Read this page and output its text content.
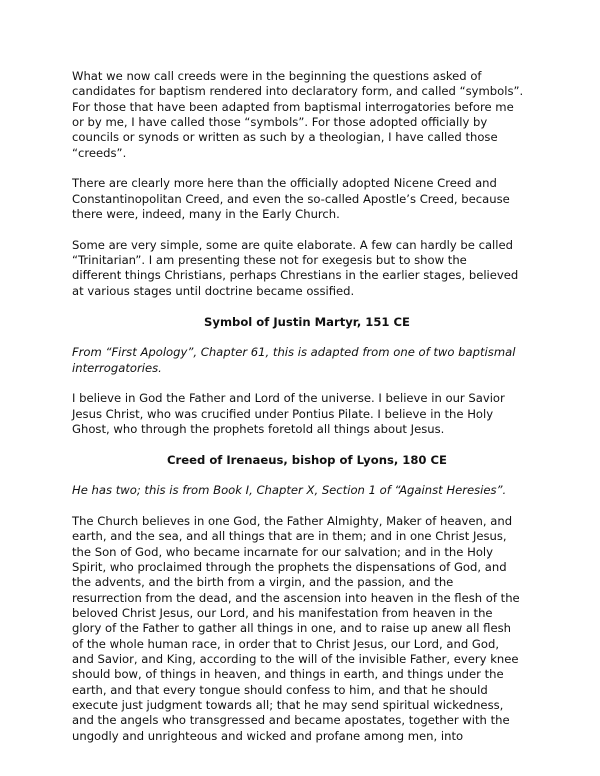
What we now call creeds were in the beginning the questions asked of
candidates for baptism rendered into declaratory form, and called “symbols”.
For those that have been adapted from baptismal interrogatories before me
or by me, I have called those “symbols”. For those adopted officially by
councils or synods or written as such by a theologian, I have called those
“creeds”.
There are clearly more here than the officially adopted Nicene Creed and
Constantinopolitan Creed, and even the so-called Apostle’s Creed, because
there were, indeed, many in the Early Church.
Some are very simple, some are quite elaborate. A few can hardly be called
“Trinitarian”. I am presenting these not for exegesis but to show the
different things Christians, perhaps Chrestians in the earlier stages, believed
at various stages until doctrine became ossified.
Symbol of Justin Martyr, 151 CE
From “First Apology”, Chapter 61, this is adapted from one of two baptismal
interrogatories.
I believe in God the Father and Lord of the universe. I believe in our Savior
Jesus Christ, who was crucified under Pontius Pilate. I believe in the Holy
Ghost, who through the prophets foretold all things about Jesus.
Creed of Irenaeus, bishop of Lyons, 180 CE
He has two; this is from Book I, Chapter X, Section 1 of “Against Heresies”.
The Church believes in one God, the Father Almighty, Maker of heaven, and
earth, and the sea, and all things that are in them; and in one Christ Jesus,
the Son of God, who became incarnate for our salvation; and in the Holy
Spirit, who proclaimed through the prophets the dispensations of God, and
the advents, and the birth from a virgin, and the passion, and the
resurrection from the dead, and the ascension into heaven in the flesh of the
beloved Christ Jesus, our Lord, and his manifestation from heaven in the
glory of the Father to gather all things in one, and to raise up anew all flesh
of the whole human race, in order that to Christ Jesus, our Lord, and God,
and Savior, and King, according to the will of the invisible Father, every knee
should bow, of things in heaven, and things in earth, and things under the
earth, and that every tongue should confess to him, and that he should
execute just judgment towards all; that he may send spiritual wickedness,
and the angels who transgressed and became apostates, together with the
ungodly and unrighteous and wicked and profane among men, into
